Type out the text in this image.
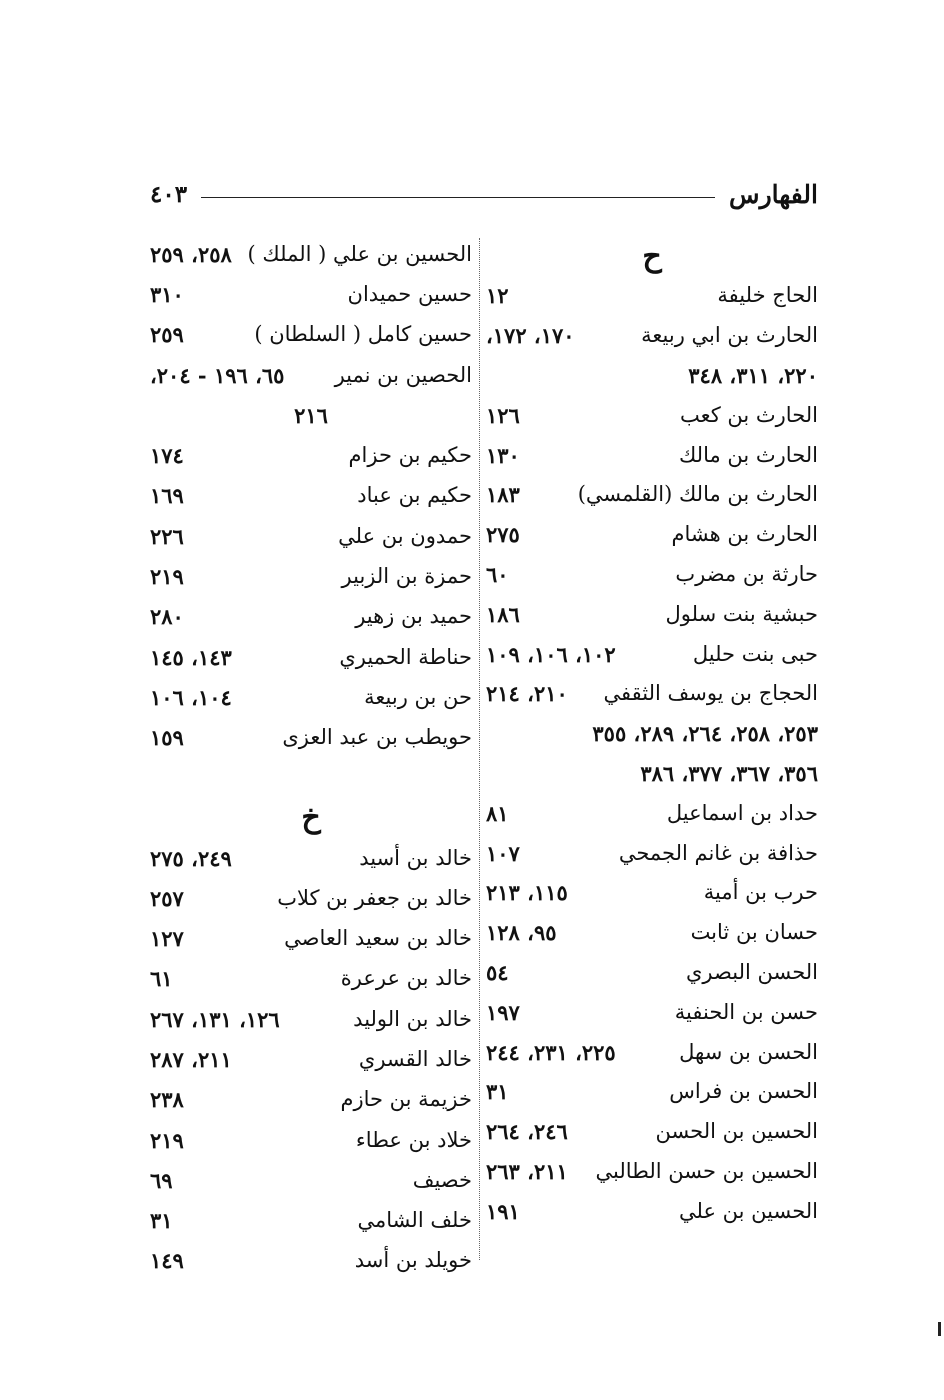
الفهارس
٤٠٣
ح
الحاج خليفة
١٢
الحارث بن ابي ربيعة
١٧٠، ١٧٢،
٢٢٠، ٣١١، ٣٤٨
الحارث بن كعب
١٢٦
الحارث بن مالك
١٣٠
الحارث بن مالك (القلمسي)
١٨٣
الحارث بن هشام
٢٧٥
حارثة بن مضرب
٦٠
حبشية بنت سلول
١٨٦
حبى بنت حليل
١٠٢، ١٠٦، ١٠٩
الحجاج بن يوسف الثقفي
٢١٠، ٢١٤
٢٥٣، ٢٥٨، ٢٦٤، ٢٨٩، ٣٥٥
٣٥٦، ٣٦٧، ٣٧٧، ٣٨٦
حداد بن اسماعيل
٨١
حذافة بن غانم الجمحي
١٠٧
حرب بن أمية
١١٥، ٢١٣
حسان بن ثابت
٩٥، ١٢٨
الحسن البصري
٥٤
حسن بن الحنفية
١٩٧
الحسن بن سهل
٢٢٥، ٢٣١، ٢٤٤
الحسن بن فراس
٣١
الحسين بن الحسن
٢٤٦، ٢٦٤
الحسين بن حسن الطالبي
٢١١، ٢٦٣
الحسين بن علي
١٩١
الحسين بن علي ( الملك )
٢٥٨، ٢٥٩
حسين حميدان
٣١٠
حسين كامل ( السلطان )
٢٥٩
الحصين بن نمير
٦٥، ١٩٦ - ٢٠٤،
٢١٦
حكيم بن حزام
١٧٤
حكيم بن عباد
١٦٩
حمدون بن علي
٢٢٦
حمزة بن الزبير
٢١٩
حميد بن زهير
٢٨٠
حناطة الحميري
١٤٣، ١٤٥
حن بن ربيعة
١٠٤، ١٠٦
حويطب بن عبد العزى
١٥٩
خ
خالد بن أسيد
٢٤٩، ٢٧٥
خالد بن جعفر بن كلاب
٢٥٧
خالد بن سعيد العاصي
١٢٧
خالد بن عرعرة
٦١
خالد بن الوليد
١٢٦، ١٣١، ٢٦٧
خالد القسري
٢١١، ٢٨٧
خزيمة بن حازم
٢٣٨
خلاد بن عطاء
٢١٩
خصيف
٦٩
خلف الشامي
٣١
خويلد بن أسد
١٤٩
